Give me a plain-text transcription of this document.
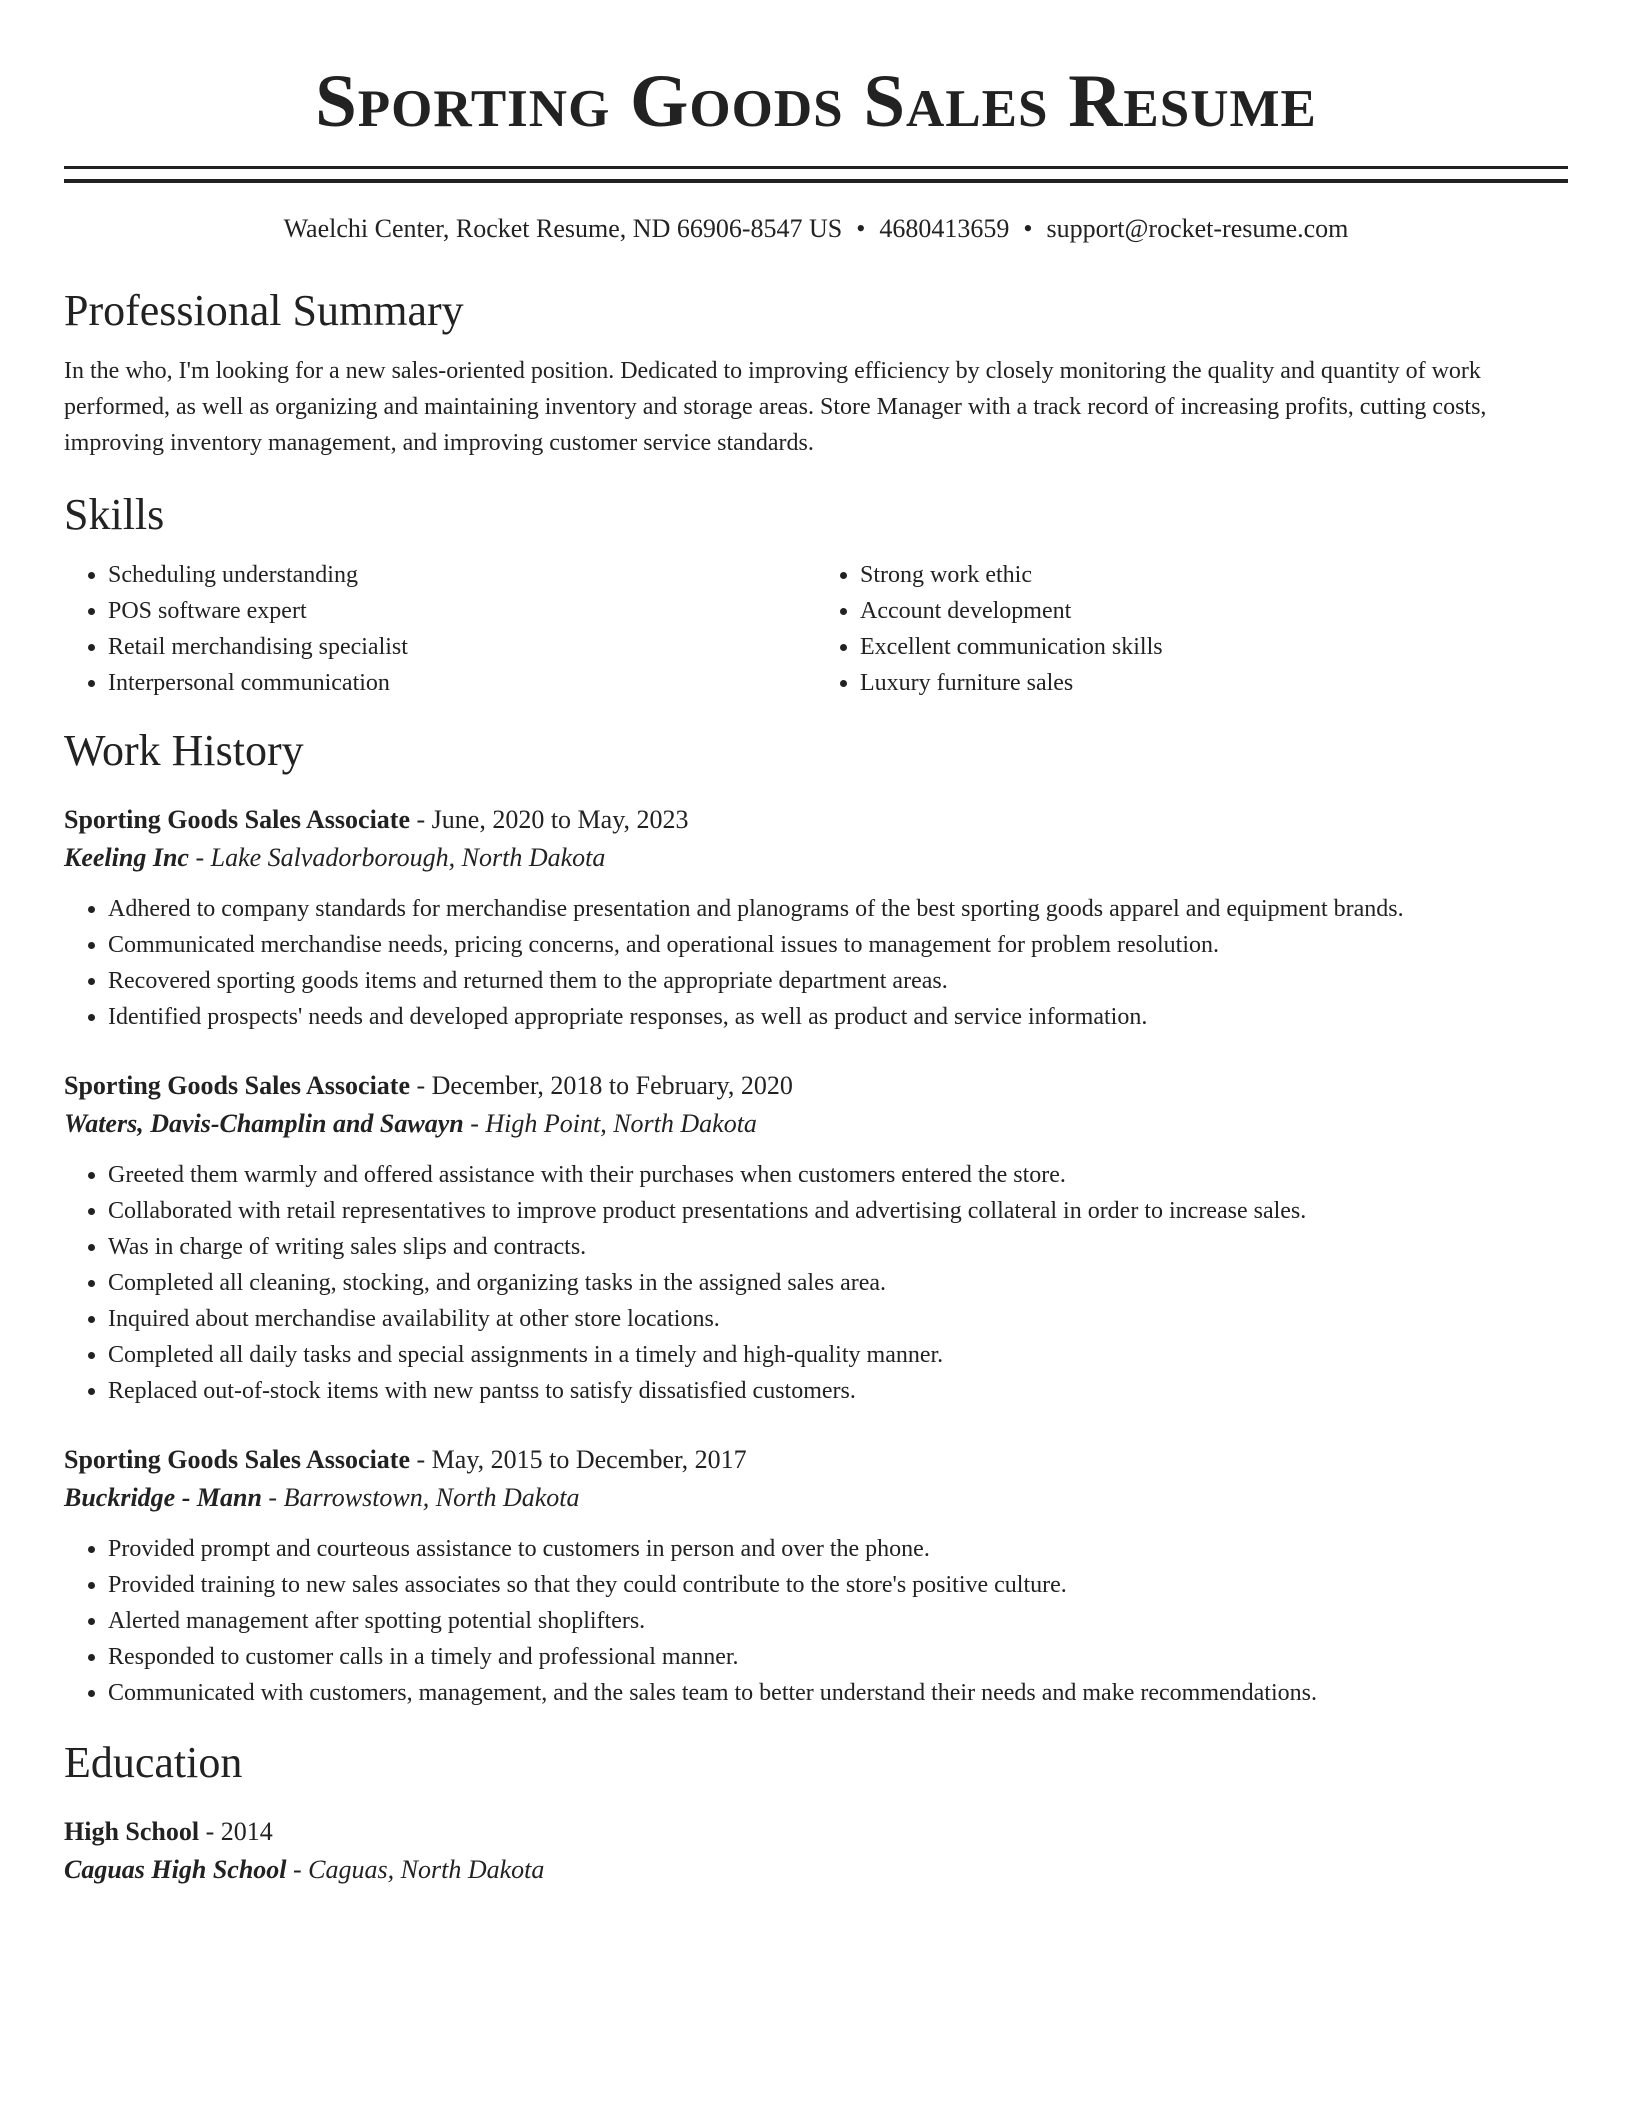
Sporting Goods Sales Resume
Waelchi Center, Rocket Resume, ND 66906-8547 US • 4680413659 • support@rocket-resume.com
Professional Summary

In the who, I'm looking for a new sales-oriented position. Dedicated to improving efficiency by closely monitoring the quality and quantity of work performed, as well as organizing and maintaining inventory and storage areas. Store Manager with a track record of increasing profits, cutting costs, improving inventory management, and improving customer service standards.

Skills
• Scheduling understanding
• POS software expert
• Retail merchandising specialist
• Interpersonal communication
• Strong work ethic
• Account development
• Excellent communication skills
• Luxury furniture sales
Work History
Sporting Goods Sales Associate - June, 2020 to May, 2023
Keeling Inc - Lake Salvadorborough, North Dakota
• Adhered to company standards for merchandise presentation and planograms of the best sporting goods apparel and equipment brands.
• Communicated merchandise needs, pricing concerns, and operational issues to management for problem resolution.
• Recovered sporting goods items and returned them to the appropriate department areas.
• Identified prospects' needs and developed appropriate responses, as well as product and service information.
Sporting Goods Sales Associate - December, 2018 to February, 2020
Waters, Davis-Champlin and Sawayn - High Point, North Dakota
• Greeted them warmly and offered assistance with their purchases when customers entered the store.
• Collaborated with retail representatives to improve product presentations and advertising collateral in order to increase sales.
• Was in charge of writing sales slips and contracts.
• Completed all cleaning, stocking, and organizing tasks in the assigned sales area.
• Inquired about merchandise availability at other store locations.
• Completed all daily tasks and special assignments in a timely and high-quality manner.
• Replaced out-of-stock items with new pantss to satisfy dissatisfied customers.
Sporting Goods Sales Associate - May, 2015 to December, 2017
Buckridge - Mann - Barrowstown, North Dakota
• Provided prompt and courteous assistance to customers in person and over the phone.
• Provided training to new sales associates so that they could contribute to the store's positive culture.
• Alerted management after spotting potential shoplifters.
• Responded to customer calls in a timely and professional manner.
• Communicated with customers, management, and the sales team to better understand their needs and make recommendations.
Education
High School - 2014
Caguas High School - Caguas, North Dakota
